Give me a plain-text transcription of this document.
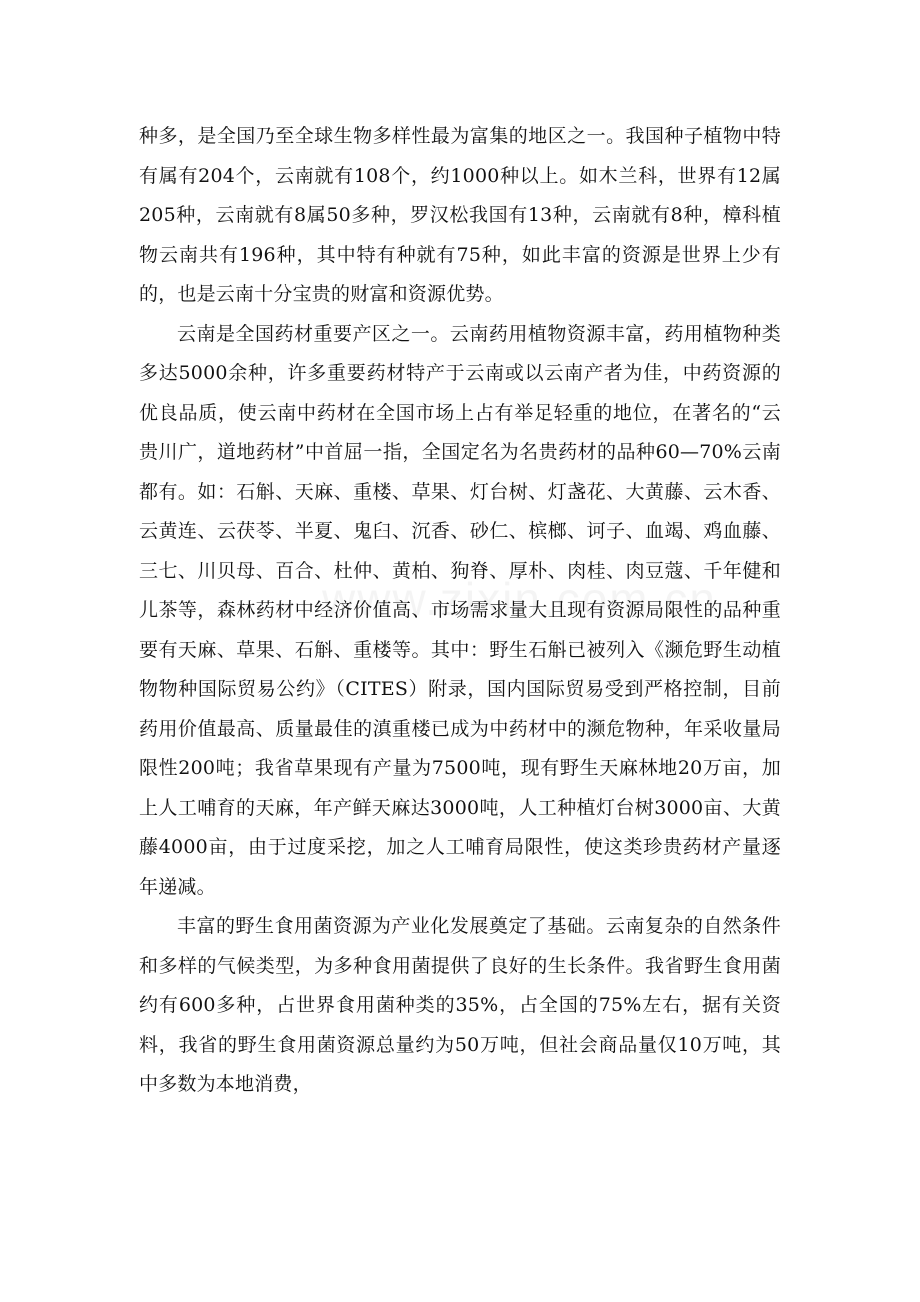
种多，是全国乃至全球生物多样性最为富集的地区之一。我国种子植物中特有属有204个，云南就有108个，约1000种以上。如木兰科，世界有12属205种，云南就有8属50多种，罗汉松我国有13种，云南就有8种，樟科植物云南共有196种，其中特有种就有75种，如此丰富的资源是世界上少有的，也是云南十分宝贵的财富和资源优势。

云南是全国药材重要产区之一。云南药用植物资源丰富，药用植物种类多达5000余种，许多重要药材特产于云南或以云南产者为佳，中药资源的优良品质，使云南中药材在全国市场上占有举足轻重的地位，在著名的“云贵川广，道地药材”中首屈一指，全国定名为名贵药材的品种60—70%云南都有。如：石斛、天麻、重楼、草果、灯台树、灯盏花、大黄藤、云木香、云黄连、云茯苓、半夏、鬼臼、沉香、砂仁、槟榔、诃子、血竭、鸡血藤、三七、川贝母、百合、杜仲、黄柏、狗脊、厚朴、肉桂、肉豆蔻、千年健和儿茶等，森林药材中经济价值高、市场需求量大且现有资源局限性的品种重要有天麻、草果、石斛、重楼等。其中：野生石斛已被列入《濒危野生动植物物种国际贸易公约》（CITES）附录，国内国际贸易受到严格控制，目前药用价值最高、质量最佳的滇重楼已成为中药材中的濒危物种，年采收量局限性200吨；我省草果现有产量为7500吨，现有野生天麻林地20万亩，加上人工哺育的天麻，年产鲜天麻达3000吨，人工种植灯台树3000亩、大黄藤4000亩，由于过度采挖，加之人工哺育局限性，使这类珍贵药材产量逐年递减。

丰富的野生食用菌资源为产业化发展奠定了基础。云南复杂的自然条件和多样的气候类型，为多种食用菌提供了良好的生长条件。我省野生食用菌约有600多种，占世界食用菌种类的35%，占全国的75%左右，据有关资料，我省的野生食用菌资源总量约为50万吨，但社会商品量仅10万吨，其中多数为本地消费，
